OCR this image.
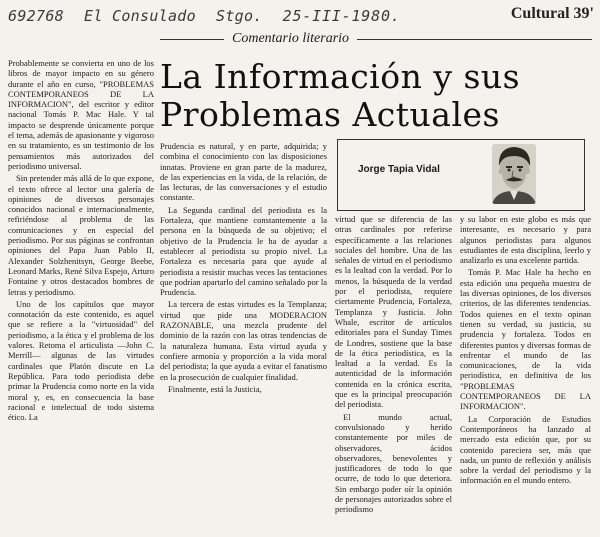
692768 El Consulado Stgo. 25-III-1980.	Cultural 39'
Comentario literario
La Información y sus Problemas Actuales
Jorge Tapia Vidal

Probablemente se convierta en uno de los libros de mayor impacto en su género durante el año en curso, "PROBLEMAS CONTEMPORANEOS DE LA INFORMACION", del escritor y editor nacional Tomás P. Mac Hale. Y tal impacto se desprende únicamente porque el tema, además de apasionante y vigoroso en su tratamiento, es un testimonio de los pensamientos más autorizados del periodismo universal.

Sin pretender más allá de lo que expone, el texto ofrece al lector una galería de opiniones de diversos personajes conocidos nacional e internacionalmente, refiriéndose al problema de las comunicaciones y en especial del periodismo. Por sus páginas se confrontan opiniones del Papa Juan Pablo II, Alexander Solzhenitsyn, George Beebe, Leonard Marks, René Silva Espejo, Arturo Fontaine y otros destacados hombres de letras y periodismo.

Uno de los capítulos que mayor connotación da este contenido, es aquel que se refiere a la "virtuosidad" del periodismo, a la ética y el problema de los valores. Retoma el articulista —John C. Merrill— algunas de las virtudes cardinales que Platón discute en La República. Para todo periodista debe primar la Prudencia como norte en la vida moral y, es, en consecuencia la base racional e intelectual de todo sistema ético. La

Prudencia es natural, y en parte, adquirida; y combina el conocimiento con las disposiciones innatas. Proviene en gran parte de la madurez, de las experiencias en la vida, de la relación, de las lecturas, de las conversaciones y el estudio constante.

La Segunda cardinal del periodista es la Fortaleza, que mantiene constantemente a la persona en la búsqueda de su objetivo; el objetivo de la Prudencia le ha de ayudar a establecer al periodista su propio nivel. La Fortaleza es necesaria para que ayude al periodista a resistir muchas veces las tentaciones que podrían apartarlo del camino señalado por la Prudencia.

La tercera de estas virtudes es la Templanza; virtud que pide una MODERACION RAZONABLE, una mezcla prudente del dominio de la razón con las otras tendencias de la naturaleza humana. Esta virtud ayuda y confiere armonía y proporción a la vida moral del periodista; la que ayuda a evitar el fanatismo en la prosecución de cualquier finalidad.

Finalmente, está la Justicia,

virtud que se diferencia de las otras cardinales por referirse específicamente a las relaciones sociales del hombre. Una de las señales de virtud en el periodismo es la lealtad con la verdad. Por lo menos, la búsqueda de la verdad por el periodista, requiere ciertamente Prudencia, Fortaleza, Templanza y Justicia. John Whale, escritor de artículos editoriales para el Sunday Times de Londres, sostiene que la base de la ética periodística, es la lealtad a la verdad. Es la autenticidad de la información contenida en la crónica escrita, que es la principal preocupación del periodista.

El mundo actual, convulsionado y herido constantemente por miles de observadores, ácidos observadores, benevolentes y justificadores de todo lo que ocurre, de todo lo que deteriora. Sin embargo poder oír la opinión de personajes autorizados sobre el periodismo

y su labor en este globo es más que interesante, es necesario y para algunos periodistas para algunos estudiantes de esta disciplina, leerlo y analizarlo es una excelente partida.

Tomás P. Mac Hale ha hecho en esta edición una pequeña muestra de las diversas opiniones, de los diversos criterios, de las diferentes tendencias. Todos quienes en el texto opinan tienen su verdad, su justicia, su prudencia y fortaleza. Todos en diferentes puntos y diversas formas de enfrentar el mundo de las comunicaciones, de la vida periodística, en definitiva de los "PROBLEMAS CONTEMPORANEOS DE LA INFORMACION".

La Corporación de Estudios Contemporáneos ha lanzado al mercado esta edición que, por su contenido pareciera ser, más que nada, un punto de reflexión y análisis sobre la verdad del periodismo y la información en el mundo entero.
